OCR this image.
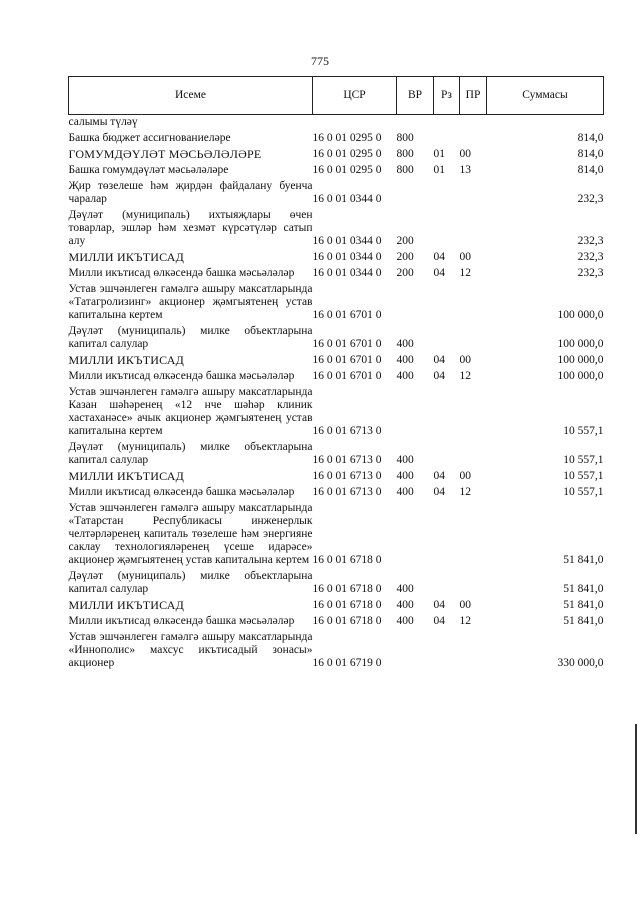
775
Исеме	ЦСР	ВР	Рз	ПР	Суммасы
салымы түләү					
Башка бюджет ассигнованиеләре	16 0 01 0295 0	800			814,0
ГОМУМДӘҮЛӘТ МӘСЬӘЛӘЛӘРЕ	16 0 01 0295 0	800	01	00	814,0
Башка гомумдәүләт мәсьәләләре	16 0 01 0295 0	800	01	13	814,0
Җир төзелеше һәм җирдән файдалану буенча чаралар	16 0 01 0344 0				232,3
Дәүләт (муниципаль) ихтыяҗлары өчен товарлар, эшләр һәм хезмәт күрсәтүләр сатып алу	16 0 01 0344 0	200			232,3
МИЛЛИ ИКЪТИСАД	16 0 01 0344 0	200	04	00	232,3
Милли икътисад өлкәсендә башка мәсьәләләр	16 0 01 0344 0	200	04	12	232,3
Устав эшчәнлеген гамәлгә ашыру максатларында «Татагролизинг» акционер җәмгыятенең устав капиталына кертем	16 0 01 6701 0				100 000,0
Дәүләт (муниципаль) милке объектларына капитал салулар	16 0 01 6701 0	400			100 000,0
МИЛЛИ ИКЪТИСАД	16 0 01 6701 0	400	04	00	100 000,0
Милли икътисад өлкәсендә башка мәсьәләләр	16 0 01 6701 0	400	04	12	100 000,0
Устав эшчәнлеген гамәлгә ашыру максатларында Казан шәһәренең «12 нче шәһәр клиник хастаханәсе» ачык акционер җәмгыятенең устав капиталына кертем	16 0 01 6713 0				10 557,1
Дәүләт (муниципаль) милке объектларына капитал салулар	16 0 01 6713 0	400			10 557,1
МИЛЛИ ИКЪТИСАД	16 0 01 6713 0	400	04	00	10 557,1
Милли икътисад өлкәсендә башка мәсьәләләр	16 0 01 6713 0	400	04	12	10 557,1
Устав эшчәнлеген гамәлгә ашыру максатларында «Татарстан Республикасы инженерлык челтәрләренең капиталь төзелеше һәм энергияне саклау технологияләренең үсеше идарәсе» акционер җәмгыятенең устав капиталына кертем	16 0 01 6718 0				51 841,0
Дәүләт (муниципаль) милке объектларына капитал салулар	16 0 01 6718 0	400			51 841,0
МИЛЛИ ИКЪТИСАД	16 0 01 6718 0	400	04	00	51 841,0
Милли икътисад өлкәсендә башка мәсьәләләр	16 0 01 6718 0	400	04	12	51 841,0
Устав эшчәнлеген гамәлгә ашыру максатларында «Иннополис» махсус икътисадый зонасы» акционер	16 0 01 6719 0				330 000,0
